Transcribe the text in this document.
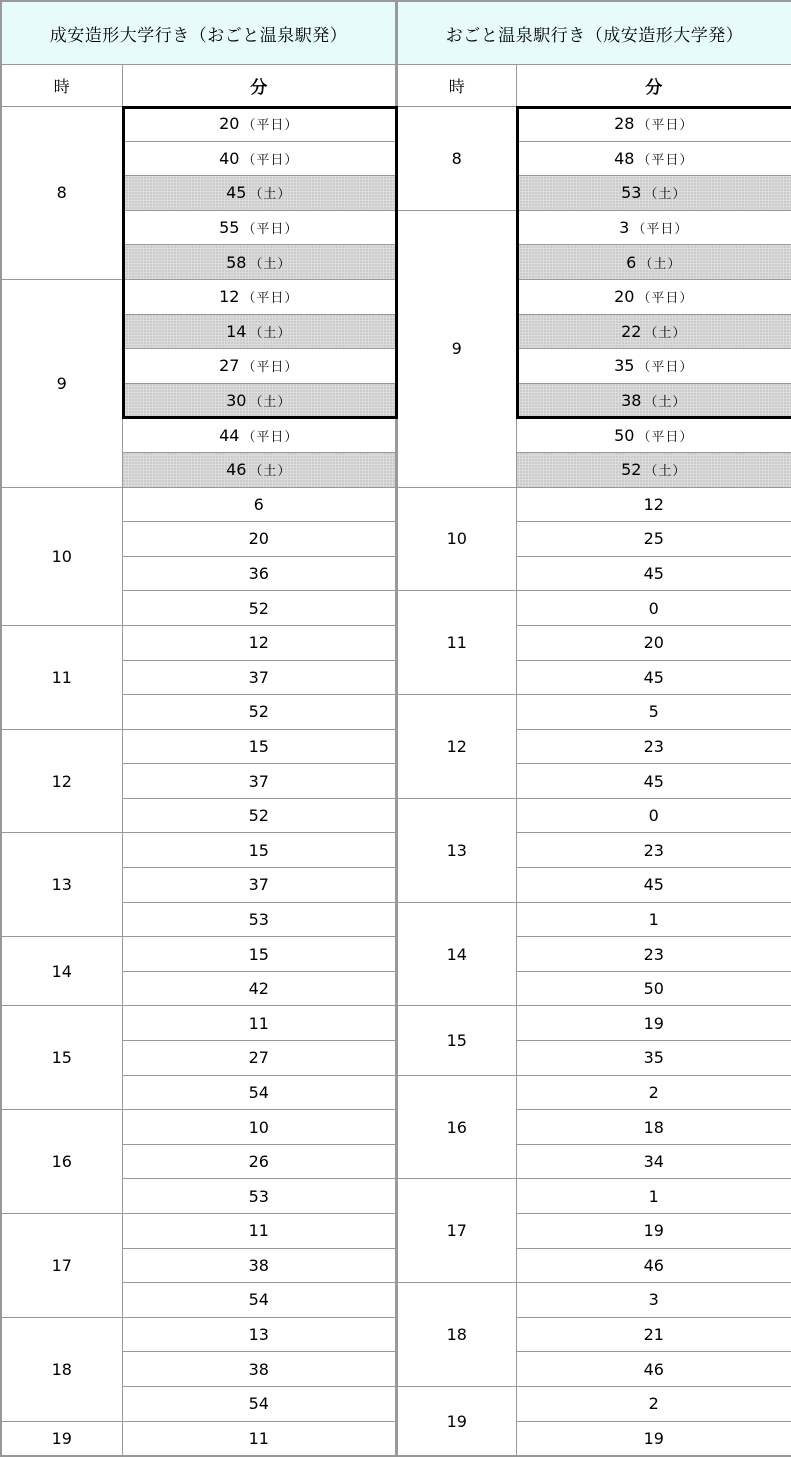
成安造形大学行き（おごと温泉駅発）	
時	分
8	20 （平日）
	40 （平日）
	45 （土）
	55 （平日）
	58 （土）
9	12 （平日）
	14 （土）
	27 （平日）
	30 （土）
	44 （平日）
	46 （土）
10	6
	20
	36
	52
11	12
	37
	52
12	15
	37
	52
13	15
	37
	53
14	15
	42
15	11
	27
	54
16	10
	26
	53
17	11
	38
	54
18	13
	38
	54
19	11
おごと温泉駅行き（成安造形大学発）	
時	分
8	28 （平日）
	48 （平日）
	53 （土）
9	3 （平日）
	6 （土）
	20 （平日）
	22 （土）
	35 （平日）
	38 （土）
	50 （平日）
	52 （土）
10	12
	25
	45
11	0
	20
	45
12	5
	23
	45
13	0
	23
	45
14	1
	23
	50
15	19
	35
16	2
	18
	34
17	1
	19
	46
18	3
	21
	46
19	2
	19
